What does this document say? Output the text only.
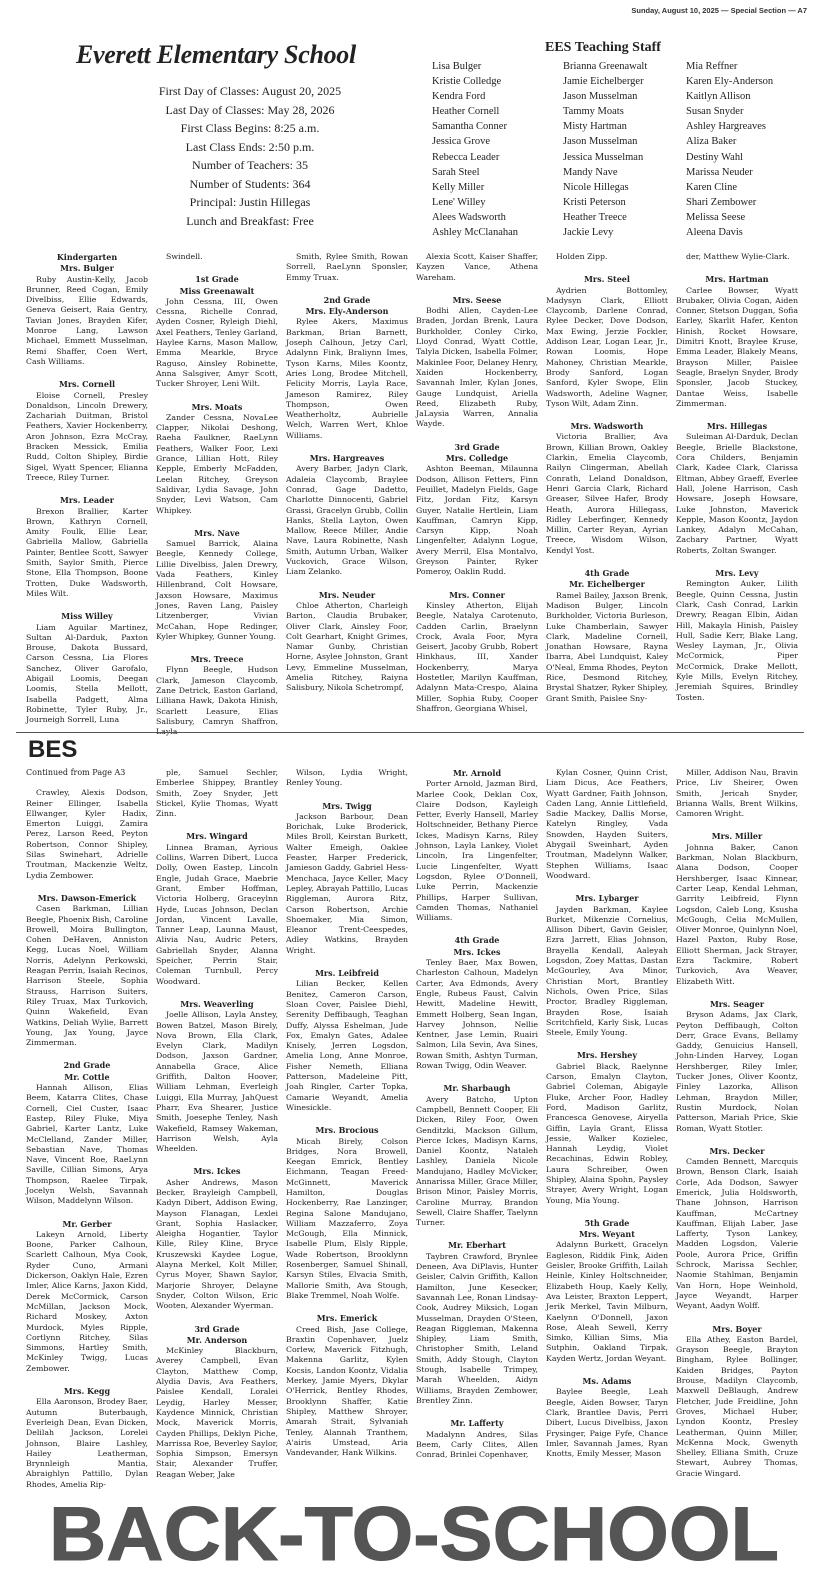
Sunday, August 10, 2025 — Special Section — A7
Everett Elementary School
First Day of Classes: August 20, 2025
Last Day of Classes: May 28, 2026
First Class Begins: 8:25 a.m.
Last Class Ends: 2:50 p.m.
Number of Teachers: 35
Number of Students: 364
Principal: Justin Hillegas
Lunch and Breakfast: Free
EES Teaching Staff
Lisa Bulger
Kristie Colledge
Kendra Ford
Heather Cornell
Samantha Conner
Jessica Grove
Rebecca Leader
Sarah Steel
Kelly Miller
Lene' Willey
Alees Wadsworth
Ashley McClanahan
Brianna Greenawalt
Jamie Eichelberger
Jason Musselman
Tammy Moats
Misty Hartman
Jason Musselman
Jessica Musselman
Mandy Nave
Nicole Hillegas
Kristi Peterson
Heather Treece
Jackie Levy
Mia Reffner
Karen Ely-Anderson
Kaitlyn Allison
Susan Snyder
Ashley Hargreaves
Aliza Baker
Destiny Wahl
Marissa Neuder
Karen Cline
Shari Zembower
Melissa Seese
Aleena Davis
Kindergarten
Mrs. Bulger
Ruby Austin-Kelly, Jacob Brunner, Reed Cogan, Emily Divelbiss, Ellie Edwards, Geneva Geisert, Raia Gentry, Tavian Jones, Brayden Kifer, Monroe Lang, Lawson Michael, Emmett Musselman, Remi Shaffer, Coen Wert, Cash Williams.
Mrs. Cornell
Eloise Cornell, Presley Donaldson, Lincoln Drewery, Zachariah Duitman, Bristol Feathers, Xavier Hockenberry, Aron Johnson, Ezra McCray, Bracken Messick, Emilia Rudd, Colton Shipley, Birdie Sigel, Wyatt Spencer, Elianna Treece, Riley Turner.
Mrs. Leader
Brexon Brallier, Karter Brown, Kathryn Cornell, Amity Foulk, Ellie Lear, Gabriella Mallow, Gabriella Painter, Bentlee Scott, Sawyer Smith, Saylor Smith, Pierce Stone, Ella Thompson, Boone Trotten, Duke Wadsworth, Miles Wilt.
Miss Willey
Liam Aguilar Martinez, Sultan Al-Darduk, Paxton Brouse, Dakota Bussard, Carson Cessna, Lia Flores Sanchez, Oliver Garofalo, Abigail Loomis, Deegan Loomis, Stella Mellott, Isabella Padgett, Alma Robinette, Tyler Ruby, Jr., Journeigh Sorrell, Luna
Swindell.
1st Grade
Miss Greenawalt
John Cessna, III, Owen Cessna, Richelle Conrad, Ayden Cosner, Ryleigh Diehl, Axel Feathers, Tenley Garland, Haylee Karns, Mason Mallow, Emma Mearkle, Bryce Raguso, Ainsley Robinette, Anna Salsgiver, Amyr Scott, Tucker Shroyer, Leni Wilt.
Mrs. Moats
Zander Cessna, NovaLee Clapper, Nikolai Deshong, Raeha Faulkner, RaeLynn Feathers, Walker Foor, Lexi Grance, Lillian Hott, Riley Kepple, Emberly McFadden, Leelan Ritchey, Greyson Saldivar, Lydia Savage, John Snyder, Levi Watson, Cam Whipkey.
Mrs. Nave
Samuel Barrick, Alaina Beegle, Kennedy College, Lillie Divelbiss, Jalen Drewry, Vada Feathers, Kinley Hillenbrand, Colt Howsare, Jaxson Howsare, Maximus Jones, Raven Lang, Paisley Litzenberger, Vivian McCahan, Hope Redinger, Kyler Whipkey, Gunner Young.
Mrs. Treece
Flynn Beegle, Hudson Clark, Jameson Claycomb, Zane Detrick, Easton Garland, Lilliana Hawk, Dakota Hinish, Scarlett Leasure, Elias Salisbury, Camryn Shaffron,
Smith, Rylee Smith, Rowan Sorrell, RaeLynn Sponsler, Emmy Truax.
2nd Grade
Mrs. Ely-Anderson
Rylee Akers, Maximus Barkman, Brian Barnett, Joseph Calhoun, Jetzy Carl, Adalynn Fink, Braliynn Imes, Tyson Karns, Miles Koontz, Aries Long, Brodee Mitchell, Felicity Morris, Layla Race, Jameson Ramirez, Riley Thompson, Owen Weatherholtz, Aubrielle Welch, Warren Wert, Khloe Williams.
Mrs. Hargreaves
Avery Barber, Jadyn Clark, Adaleia Claycomb, Braylee Conrad, Gage Dadetto, Charlotte Dinnocenti, Gabriel Grassi, Gracelyn Grubb, Collin Hanks, Stella Layton, Owen Mallow, Reece Miller, Andie Nave, Laura Robinette, Nash Smith, Autumn Urban, Walker Vuckovich, Grace Wilson, Liam Zelanko.
Mrs. Neuder
Chloe Atherton, Charleigh Barton, Claudia Brubaker, Oliver Clark, Ainsley Foor, Colt Gearhart, Knight Grimes, Namar Gunby, Christian Horne, Asylee Johnston, Grant Levy, Emmeline Musselman, Amelia Ritchey, Raiyna Salisbury, Nikola Schetrompf,
Alexia Scott, Kaiser Shaffer, Kayzen Vance, Athena Wareham.
Mrs. Seese
Bodhi Allen, Cayden-Lee Braden, Jordan Brenk, Laura Burkholder, Conley Cirko, Lloyd Conrad, Wyatt Cottle, Talyla Dicken, Isabella Folmer, Makinlee Foor, Delaney Henry, Xaiden Hockenberry, Savannah Imler, Kylan Jones, Gauge Lundquist, Ariella Reed, Elizabeth Ruby, JaLaysia Warren, Annalia Wayde.
3rd Grade
Mrs. Colledge
Ashton Beeman, Milaunna Dodson, Allison Fetters, Finn Feuillet, Madelyn Fields, Gage Fitz, Jordan Fitz, Karsyn Guyer, Natalie Hertlein, Liam Kauffman, Camryn Kipp, Carsyn Kipp, Noah Lingenfelter, Adalynn Logue, Avery Merril, Elsa Montalvo, Greyson Painter, Ryker Pomeroy, Oaklin Rudd.
Mrs. Conner
Kinsley Atherton, Elijah Beegle, Natalya Carotenuto, Cadden Carlin, Braelynn Crock, Avala Foor, Myra Geisert, Jacoby Grubb, Robert Hinkhaus, III, Xander Hockenberry, Marya Hostetler, Marilyn Kauffman, Adalynn Mata-Crespo, Alaina Miller, Sophia Ruby, Cooper Shaffron, Georgiana Whisel,
Holden Zipp.
Mrs. Steel
Aydrien Bottomley, Madysyn Clark, Elliott Claycomb, Darlene Conrad, Rylee Decker, Dove Dodson, Max Ewing, Jerzie Fockler, Addison Lear, Logan Lear, Jr., Rowan Loomis, Hope Mahoney, Christian Mearkle, Brody Sanford, Logan Sanford, Kyler Swope, Elin Wadsworth, Adeline Wagner, Tyson Wilt, Adam Zinn.
Mrs. Wadsworth
Victoria Brallier, Ava Brown, Killian Brown, Oakley Clarkin, Emelia Claycomb, Railyn Clingerman, Abellah Conrath, Leland Donaldson, Henri Garcia Clark, Richard Greaser, Silvee Hafer, Brody Heath, Aurora Hillegass, Ridley Leberfinger, Kennedy Millin, Carter Reyan, Ayrian Treece, Wisdom Wilson, Kendyl Yost.
4th Grade
Mr. Eichelberger
Ramel Bailey, Jaxson Brenk, Madison Bulger, Lincoln Burkholder, Victoria Burleson, Luke Chamberlain, Sawyer Clark, Madeline Cornell, Jonathan Howsare, Rayna Ibarra, Abel Lundquist, Kaley O'Neal, Emma Rhodes, Peyton Rice, Desmond Ritchey, Brystal Shatzer, Ryker Shipley, Grant Smith, Paislee Sny-
der, Matthew Wylie-Clark.
Mrs. Hartman
Carlee Bowser, Wyatt Brubaker, Olivia Cogan, Aiden Conner, Stetson Duggan, Sofia Earley, Skarlit Hafer, Kenton Hinish, Rocket Howsare, Dimitri Knott, Braylee Kruse, Emma Leader, Blakely Means, Brayson Miller, Paislee Seagle, Braelyn Snyder, Brody Sponsler, Jacob Stuckey, Dantae Weiss, Isabelle Zimmerman.
Mrs. Hillegas
Suleiman Al-Darduk, Declan Beegle, Brielle Blackstone, Cora Childers, Benjamin Clark, Kadee Clark, Clarissa Eltman, Abbey Graeff, Everlee Hall, Jolene Harrison, Cash Howsare, Joseph Howsare, Luke Johnston, Maverick Kepple, Mason Koontz, Jaydon Lankey, Adalyn McCahan, Zachary Partner, Wyatt Roberts, Zoltan Swanger.
Mrs. Levy
Remington Auker, Lilith Beegle, Quinn Cessna, Justin Clark, Cash Conrad, Larkin Drewry, Reagan Elbin, Aidan Hill, Makayla Hinish, Paisley Hull, Sadie Kerr, Blake Lang, Wesley Layman, Jr., Olivia McCormick, Piper McCormick, Drake Mellott, Kyle Mills, Evelyn Ritchey, Jeremiah Squires, Brindley Tosten.
BES
Continued from Page A3
Crawley, Alexis Dodson, Reiner Ellinger, Isabella Ellwanger, Kyler Hadix, Emerton Luiggi, Zamira Perez, Larson Reed, Peyton Robertson, Connor Shipley, Silas Swinehart, Adrielle Troutman, Mackenzie Weltz, Lydia Zembower.
Mrs. Dawson-Emerick
Casen Barkman, Lillian Beegle, Phoenix Bish, Caroline Browell, Moira Bullington, Cohen DeHaven, Anniston Kegg, Lucas Noel, William Norris, Adelynn Perkowski, Reagan Perrin, Isaiah Recinos, Harrison Steele, Sophia Strauss, Harrison Suiters, Riley Truax, Max Turkovich, Quinn Wakefield, Evan Watkins, Deliah Wylie, Barrett Young, Jax Young, Jayce Zimmerman.
2nd Grade
Mr. Cottle
Hannah Allison, Elias Beem, Katarra Clites, Chase Cornell, Ciel Custer, Isaac Eastep, Riley Fluke, Miya Gabriel, Karter Lantz, Luke McClelland, Zander Miller, Sebastian Nave, Thomas Nave, Vincent Roe, RaeLynn Saville, Cillian Simons, Arya Thompson, Raelee Tirpak, Jocelyn Welsh, Savannah Wilson, Maddelynn Wilson.
Mr. Gerber
Lakeyn Arnold, Liberty Boone, Parker Calhoun, Scarlett Calhoun, Mya Cook, Ryder Cuno, Armani Dickerson, Oaklyn Hale, Ezren Imler, Alice Karns, Jaxon Kidd, Derek McCormick, Carson McMillan, Jackson Mock, Richard Moskey, Axton Murdock, Myles Ripple, Cortlynn Ritchey, Silas Simmons, Hartley Smith, McKinley Twigg, Lucas Zembower.
Mrs. Kegg
Ella Aaronson, Brodey Baer, Autumn Buterbaugh, Everleigh Dean, Evan Dicken, Delilah Jackson, Lorelei Johnson, Blaire Lashley, Hailey Leatherman, Brynnleigh Mantia, Abraighlyn Pattillo, Dylan Rhodes, Amelia Rip-
ple, Samuel Sechler, Emberlee Shippey, Brantley Smith, Zoey Snyder, Jett Stickel, Kylie Thomas, Wyatt Zinn.
Mrs. Wingard
Linnea Braman, Ayrious Collins, Warren Dibert, Lucca Dolly, Owen Eastep, Lincoln Engle, Judah Grace, Maebrie Grant, Ember Hoffman, Victoria Holberg, Graceylnn Hyde, Lucas Johnson, Declan Jordan, Vincent Lavalle, Tanner Leap, Launna Maust, Alivia Nau, Audric Peters, Gabriellah Snyder, Alanna Speicher, Perrin Stair, Coleman Turnbull, Percy Woodward.
Mrs. Weaverling
Joelle Allison, Layla Anstey, Bowen Batzel, Mason Birely, Nova Brown, Ella Clark, Evelyn Clark, Madilyn Dodson, Jaxson Gardner, Annabella Grace, Alice Griffith, Dalton Hoover, William Lehman, Everleigh Luiggi, Ella Murray, JahQuest Pharr, Eva Shearer, Justice Smith, Joesephe Tenley, Nash Wakefield, Ramsey Wakeman, Harrison Welsh, Ayla Wheelden.
Mrs. Ickes
Asher Andrews, Mason Becker, Brayleigh Campbell, Kadyn Dibert, Addison Ewing, Mayson Flanagan, Lexlei Grant, Sophia Haslacker, Aleigha Hogantier, Taylor Kille, Riley Kline, Bryce Kruszewski Kaydee Logue, Alayna Merkel, Kolt Miller, Cyrus Moyer, Shawn Saylor, Marjorie Shroyer, Delayne Snyder, Colton Wilson, Eric Wooten, Alexander Wyerman.
3rd Grade
Mr. Anderson
McKinley Blackburn, Averey Campbell, Evan Clayton, Matthew Comp, Alydia Davis, Ava Feathers, Paislee Kendall, Loralei Leydig, Harley Messer, Kaydence Minnick, Christian Mock, Maverick Morris, Cayden Phillips, Deklyn Piche, Marrissa Roe, Beverley Saylor, Sophia Simpson, Emersyn Stair, Alexander Truffer, Reagan Weber, Jake
Wilson, Lydia Wright, Renley Young.
Mrs. Twigg
Jackson Barbour, Dean Borichak, Luke Broderick, Miles Broll, Keirstan Burkett, Walter Emeigh, Oaklee Feaster, Harper Frederick, Jamieson Gaddy, Gabriel Hess-Menchaca, Jayce Keller, Macy Lepley, Abrayah Pattillo, Lucas Riggleman, Aurora Ritz, Carson Robertson, Archie Shoemaker, Mia Simon, Eleanor Trent-Ceespedes, Adley Watkins, Brayden Wright.
Mrs. Leibfreid
Lilian Becker, Kellen Benitez, Cameron Carson, Sloan Cover, Paislee Diehl, Serenity Deffibaugh, Teaghan Duffy, Alyssa Eshelman, Jude Fox, Emalyn Gates, Adalee Knisely, Jerren Logsdon, Amelia Long, Anne Monroe, Fisher Nemeth, Elliana Patterson, Madeleine Pitt, Joah Ringler, Carter Topka, Camarie Weyandt, Amelia Winesickle.
Mrs. Brocious
Micah Birely, Colson Bridges, Nora Browell, Keegan Emrick, Bentley Eichmann, Teagan Freed-McGinnett, Maverick Hamilton, Douglas Hockenberry, Rae Lanzinger, Regina Salone Mandujano, William Mazzaferro, Zoya McGough, Ella Minnick, Isabelle Plum, Elsly Ripple, Wade Robertson, Brooklynn Rosenberger, Samuel Shinall, Karsyn Stiles, Elvacia Smith, Mallorie Smith, Ava Stough, Blake Tremmel, Noah Wolfe.
Mrs. Emerick
Creed Bish, Jase College, Braxtin Copenhaver, Juelz Corlew, Maverick Fitzhugh, Makenna Garlitz, Kylen Kocsis, Landon Koontz, Vidalia Merkey, Jamie Myers, Dkylar O'Herrick, Bentley Rhodes, Brooklynn Shaffer, Katie Shipley, Matthew Shroyer, Amarah Strait, Sylvaniah Tenley, Alannah Tranthem, A'airis Umstead, Aria Vandevander, Hank Wilkins.
Mr. Arnold
Porter Arnold, Jazman Bird, Marlee Cook, Deklan Cox, Claire Dodson, Kayleigh Fetter, Everly Hansell, Marley Holtschneider, Bethany Pierce Ickes, Madisyn Karns, Riley Johnson, Layla Lankey, Violet Lincoln, Ira Lingenfelter, Lucie Lingenfelter, Wyatt Logsdon, Rylee O'Donnell, Luke Perrin, Mackenzie Phillips, Harper Sullivan, Camden Thomas, Nathaniel Williams.
4th Grade
Mrs. Ickes
Tenley Baer, Max Bowen, Charleston Calhoun, Madelyn Carter, Ava Edmonds, Avery Engle, Rubeus Faust, Calvin Hewitt, Madeline Hewitt, Emmett Holberg, Sean Ingan, Harvey Johnson, Nellie Kentner, Jase Lemin, Ruairi Salmon, Lila Sevin, Ava Sines, Rowan Smith, Ashtyn Turman, Rowan Twigg, Odin Weaver.
Mr. Sharbaugh
Avery Batcho, Upton Campbell, Bennett Cooper, Eli Dicken, Riley Foor, Owen Genditzki, Mackson Gillum, Pierce Ickes, Madisyn Karns, Daniel Koontz, Nataleh Lashley, Daniela Nicole Mandujano, Hadley McVicker, Annarissa Miller, Grace Miller, Brison Minor, Paisley Morris, Caroline Murray, Brandon Sewell, Claire Shaffer, Taelynn Turner.
Mr. Eberhart
Taybren Crawford, Brynlee Deneen, Ava DiPlavis, Hunter Geisler, Calvin Griffith, Kallon Hamilton, June Kesecker, Savannah Lee, Ronan Lindsay-Cook, Audrey Miksich, Logan Musselman, Drayden O'Steen, Reagan Riggleman, Makenna Shipley, Liam Smith, Christopher Smith, Leland Smith, Addy Stough, Clayton Stough, Isabelle Trimpey, Marah Wheelden, Aidyn Williams, Brayden Zembower, Brentley Zinn.
Mr. Lafferty
Madalynn Andres, Silas Beem, Carly Clites, Allen Conrad, Brinlei Copenhaver,
Kylan Cosner, Quinn Crist, Liam Dicus, Ace Feathers, Wyatt Gardner, Faith Johnson, Caden Lang, Annie Littlefield, Sadie Mackey, Dallis Morse, Katelyn Ringley, Vada Snowden, Hayden Suiters, Abygail Sweinhart, Ayden Troutman, Madelynn Walker, Stephen Williams, Isaac Woodward.
Mrs. Lybarger
Jayden Barkman, Kaylee Burket, Mikenzie Cornelius, Allison Dibert, Gavin Geisler, Ezra Jarrett, Elias Johnson, Brayella Kendall, Aaleyah Logsdon, Zoey Mattas, Dastan McGourley, Ava Minor, Christian Mort, Brantley Nichols, Owen Price, Silas Proctor, Bradley Riggleman, Brayden Rose, Isaiah Scritchfield, Karly Sisk, Lucas Steele, Emily Young.
Mrs. Hershey
Gabriel Black, Raelynne Carson, Emalyn Clayton, Gabriel Coleman, Abigayle Fluke, Archer Foor, Hadley Ford, Madison Garlitz, Francesca Genovese, Airyella Giffin, Layla Grant, Elissa Jessie, Walker Kozielec, Hannah Leydig, Violet Recachinas, Edwin Robley, Laura Schreiber, Owen Shipley, Alaina Spohn, Paysley Strayer, Avery Wright, Logan Young, Mia Young.
5th Grade
Mrs. Weyant
Adalynn Burkett, Gracelyn Eagleson, Riddik Fink, Aiden Geisler, Brooke Griffith, Lailah Heinle, Kinley Holtschneider, Elizabeth Houp, Kaely Kelly, Ava Leister, Braxton Leppert, Jerik Merkel, Tavin Milburn, Kaelynn O'Donnell, Jaxon Rose, Aleah Sewell, Kerry Simko, Killian Sims, Mia Sutphin, Oakland Tirpak, Kayden Wertz, Jordan Weyant.
Ms. Adams
Baylee Beegle, Leah Beegle, Aiden Bowser, Taryn Clark, Brantlee Davis, Perri Dibert, Lucus Divelbiss, Jaxon Frysinger, Paige Fyfe, Chance Imler, Savannah James, Ryan Knotts, Emily Messer, Mason
Miller, Addison Nau, Bravin Price, Liv Sheirer, Owen Smith, Jericah Snyder, Brianna Walls, Brent Wilkins, Camoren Wright.
Mrs. Miller
Johnna Baker, Canon Barkman, Nolan Blackburn, Alana Dodson, Cooper Hershberger, Isaac Kinnear, Carter Leap, Kendal Lehman, Garrity Leibfreid, Flynn Logsdon, Caleb Long, Ksusha McGough, Celia McMullen, Oliver Monroe, Quinlynn Noel, Hazel Paxton, Ruby Rose, Elliott Sherman, Jack Strayer, Ezra Tackmire, Robert Turkovich, Ava Weaver, Elizabeth Witt.
Mrs. Seager
Bryson Adams, Jax Clark, Peyton Deffibaugh, Colton Derr, Grace Evans, Bellamy Gaddy, Genuicius Hansell, John-Linden Harvey, Logan Hershberger, Riley Imler, Tucker Jones, Oliver Koontz, Finley Lazorka, Allison Lehman, Braydon Miller, Rustin Murdock, Nolan Patterson, Mariah Price, Skie Roman, Wyatt Stotler.
Mrs. Decker
Camden Bennett, Marcquis Brown, Benson Clark, Isaiah Corle, Ada Dodson, Sawyer Emerick, Julia Holdsworth, Thane Johnson, Harrison Kauffman, McCartney Kauffman, Elijah Laber, Jase Lafferty, Tyson Lankey, Madden Logsdon, Valerie Poole, Aurora Price, Griffin Schrock, Marissa Sechler, Naomie Stahlman, Benjamin Van Horn, Hope Weinhold, Jayce Weyandt, Harper Weyant, Aadyn Wolff.
Mrs. Boyer
Ella Athey, Easton Bardel, Grayson Beegle, Brayton Bingham, Rylee Bollinger, Kaiden Bridges, Payton Brouse, Madilyn Claycomb, Maxwell DeBlaugh, Andrew Fletcher, Jude Freidline, John Groves, Michael Huber, Lyndon Koontz, Presley Leatherman, Quinn Miller, McKenna Mock, Gwenyth Shelley, Elliana Smith, Cruze Stewart, Aubrey Thomas, Gracie Wingard.
BACK-TO-SCHOOL
